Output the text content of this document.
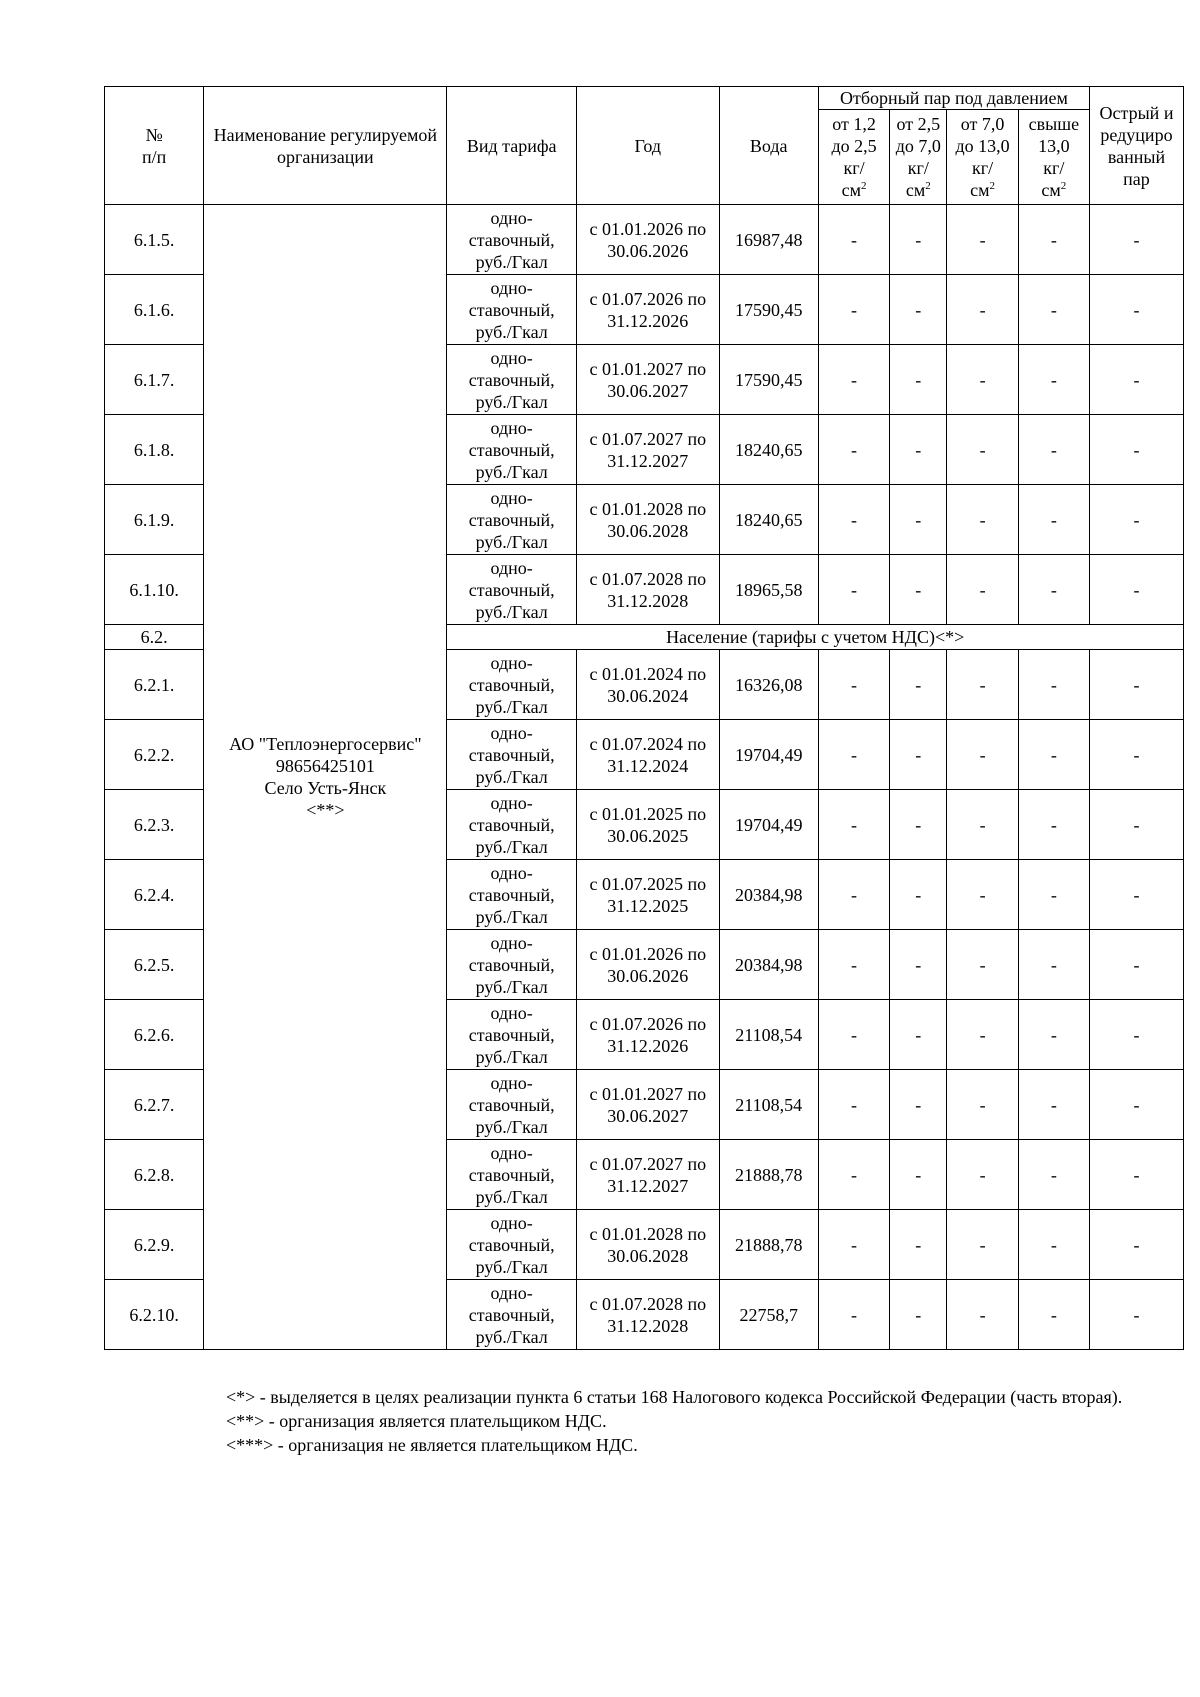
№
п/п	Наименование регулируемой организации	Вид тарифа	Год	Вода	Отборный пар под давлением				Острый и
редуциро
ванный
пар

					от 1,2
до 2,5
кг/
$см^2$	от 2,5
до 7,0
кг/
$см^2$	от 7,0
до 13,0
кг/
$см^2$	свыше
13,0
кг/
$см^2$

6.1.5.	АО "Теплоэнергосервис"
98656425101
Село Усть-Янск
<**>	одно-
ставочный,
руб./Гкал	с 01.01.2026 по
30.06.2026	16987,48	-	-	-	-	-
6.1.6.		одно-
ставочный,
руб./Гкал	с 01.07.2026 по
31.12.2026	17590,45	-	-	-	-	-
6.1.7.		одно-
ставочный,
руб./Гкал	с 01.01.2027 по
30.06.2027	17590,45	-	-	-	-	-
6.1.8.		одно-
ставочный,
руб./Гкал	с 01.07.2027 по
31.12.2027	18240,65	-	-	-	-	-
6.1.9.		одно-
ставочный,
руб./Гкал	с 01.01.2028 по
30.06.2028	18240,65	-	-	-	-	-
6.1.10.		одно-
ставочный,
руб./Гкал	с 01.07.2028 по
31.12.2028	18965,58	-	-	-	-	-
6.2.		Население (тарифы с учетом НДС)<*>							
6.2.1.		одно-
ставочный,
руб./Гкал	с 01.01.2024 по
30.06.2024	16326,08	-	-	-	-	-
6.2.2.		одно-
ставочный,
руб./Гкал	с 01.07.2024 по
31.12.2024	19704,49	-	-	-	-	-
6.2.3.		одно-
ставочный,
руб./Гкал	с 01.01.2025 по
30.06.2025	19704,49	-	-	-	-	-
6.2.4.		одно-
ставочный,
руб./Гкал	с 01.07.2025 по
31.12.2025	20384,98	-	-	-	-	-
6.2.5.		одно-
ставочный,
руб./Гкал	с 01.01.2026 по
30.06.2026	20384,98	-	-	-	-	-
6.2.6.		одно-
ставочный,
руб./Гкал	с 01.07.2026 по
31.12.2026	21108,54	-	-	-	-	-
6.2.7.		одно-
ставочный,
руб./Гкал	с 01.01.2027 по
30.06.2027	21108,54	-	-	-	-	-
6.2.8.		одно-
ставочный,
руб./Гкал	с 01.07.2027 по
31.12.2027	21888,78	-	-	-	-	-
6.2.9.		одно-
ставочный,
руб./Гкал	с 01.01.2028 по
30.06.2028	21888,78	-	-	-	-	-
6.2.10.		одно-
ставочный,
руб./Гкал	с 01.07.2028 по
31.12.2028	22758,7	-	-	-	-	-

<*> - выделяется в целях реализации пункта 6 статьи 168 Налогового кодекса Российской Федерации (часть вторая).

<**> - организация является плательщиком НДС.

<***> - организация не является плательщиком НДС.
